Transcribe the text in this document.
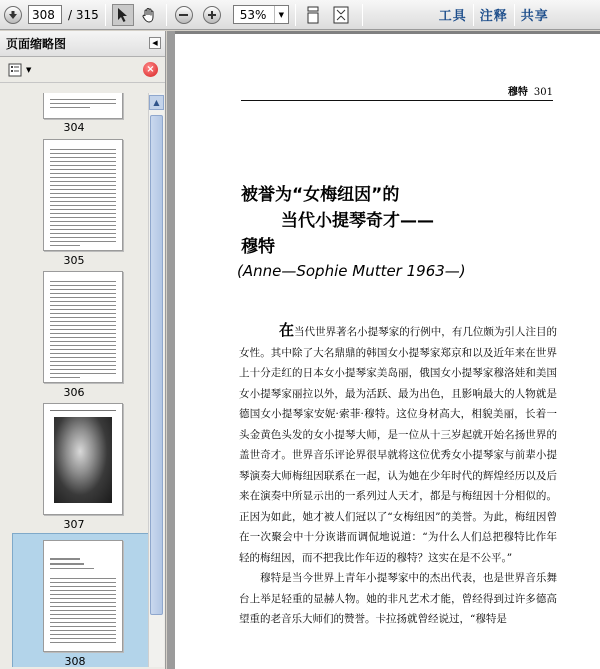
308
/ 315
53%	▼	工具 注释 共享
页面缩略图	◀
▼	×
304
305
306
307
308
▲
穆特 301
被誉为“女梅纽因”的
当代小提琴奇才——
穆特
(Anne—Sophie Mutter 1963—)

在当代世界著名小提琴家的行例中，有几位颇为引人注目的女性。其中除了大名鼎鼎的韩国女小提琴家郑京和以及近年来在世界上十分走红的日本女小提琴家美岛丽，俄国女小提琴家穆洛娃和美国女小提琴家丽拉以外，最为活跃、最为出色，且影响最大的人物就是德国女小提琴家安妮·索菲·穆特。这位身材高大，相貌美丽，长着一头金黄色头发的女小提琴大师，是一位从十三岁起就开始名扬世界的盖世奇才。世界音乐评论界很早就将这位优秀女小提琴家与前辈小提琴演奏大师梅纽因联系在一起，认为她在少年时代的辉煌经历以及后来在演奏中所显示出的一系列过人天才，都是与梅纽因十分相似的。正因为如此，她才被人们冠以了“女梅纽因”的美誉。为此，梅纽因曾在一次聚会中十分诙谐而调侃地说道：“为什么人们总把穆特比作年轻的梅纽因，而不把我比作年迈的穆特？这实在是不公平。”

穆特是当今世界上青年小提琴家中的杰出代表，也是世界音乐舞台上举足轻重的显赫人物。她的非凡艺术才能，曾经得到过许多德高望重的老音乐大师们的赞誉。卡拉扬就曾经说过，“穆特是
